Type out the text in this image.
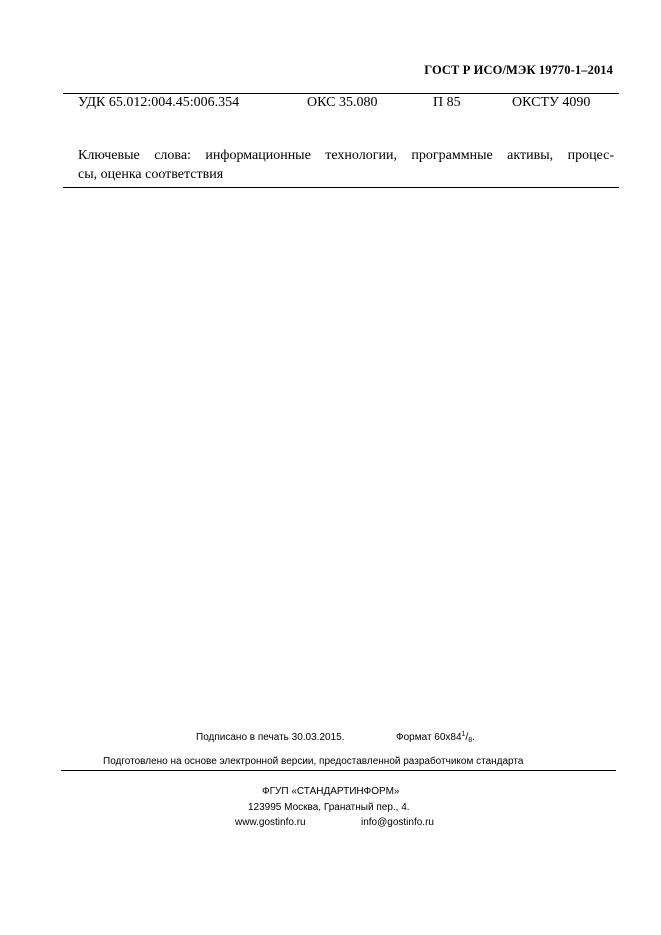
ГОСТ Р ИСО/МЭК 19770-1–2014
УДК 65.012:004.45:006.354	ОКС 35.080	П 85	ОКСТУ 4090
Ключевые слова: информационные технологии, программные активы, процес-
сы, оценка соответствия
Подписано в печать 30.03.2015.	Формат $60x84^1/_8$.
Подготовлено на основе электронной версии, предоставленной разработчиком стандарта
ФГУП «СТАНДАРТИНФОРМ»
123995 Москва, Гранатный пер., 4.
www.gostinfo.ru	info@gostinfo.ru
